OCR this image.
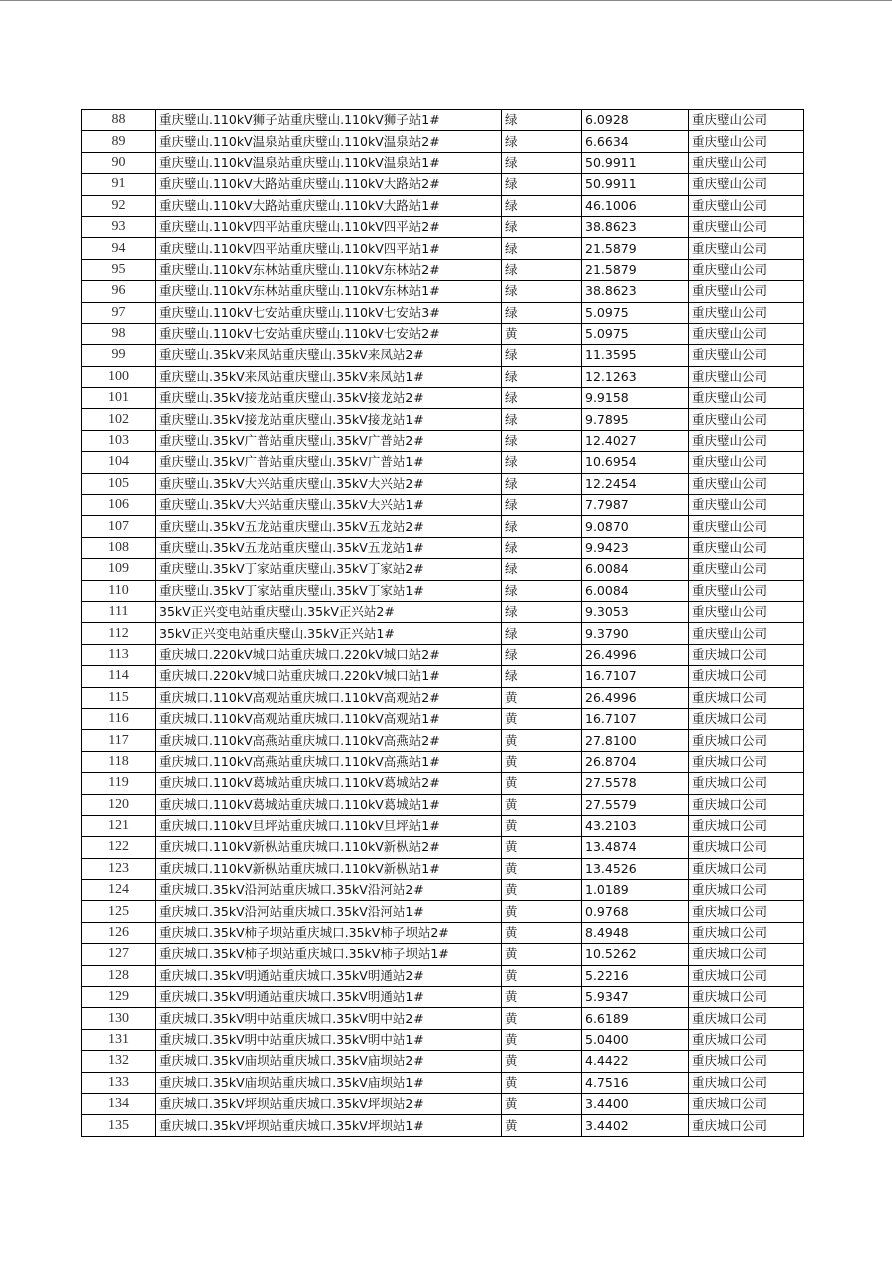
88	重庆璧山.110kV狮子站重庆璧山.110kV狮子站1#	绿	6.0928	重庆璧山公司
89	重庆璧山.110kV温泉站重庆璧山.110kV温泉站2#	绿	6.6634	重庆璧山公司
90	重庆璧山.110kV温泉站重庆璧山.110kV温泉站1#	绿	50.9911	重庆璧山公司
91	重庆璧山.110kV大路站重庆璧山.110kV大路站2#	绿	50.9911	重庆璧山公司
92	重庆璧山.110kV大路站重庆璧山.110kV大路站1#	绿	46.1006	重庆璧山公司
93	重庆璧山.110kV四平站重庆璧山.110kV四平站2#	绿	38.8623	重庆璧山公司
94	重庆璧山.110kV四平站重庆璧山.110kV四平站1#	绿	21.5879	重庆璧山公司
95	重庆璧山.110kV东林站重庆璧山.110kV东林站2#	绿	21.5879	重庆璧山公司
96	重庆璧山.110kV东林站重庆璧山.110kV东林站1#	绿	38.8623	重庆璧山公司
97	重庆璧山.110kV七安站重庆璧山.110kV七安站3#	绿	5.0975	重庆璧山公司
98	重庆璧山.110kV七安站重庆璧山.110kV七安站2#	黄	5.0975	重庆璧山公司
99	重庆璧山.35kV来凤站重庆璧山.35kV来凤站2#	绿	11.3595	重庆璧山公司
100	重庆璧山.35kV来凤站重庆璧山.35kV来凤站1#	绿	12.1263	重庆璧山公司
101	重庆璧山.35kV接龙站重庆璧山.35kV接龙站2#	绿	9.9158	重庆璧山公司
102	重庆璧山.35kV接龙站重庆璧山.35kV接龙站1#	绿	9.7895	重庆璧山公司
103	重庆璧山.35kV广普站重庆璧山.35kV广普站2#	绿	12.4027	重庆璧山公司
104	重庆璧山.35kV广普站重庆璧山.35kV广普站1#	绿	10.6954	重庆璧山公司
105	重庆璧山.35kV大兴站重庆璧山.35kV大兴站2#	绿	12.2454	重庆璧山公司
106	重庆璧山.35kV大兴站重庆璧山.35kV大兴站1#	绿	7.7987	重庆璧山公司
107	重庆璧山.35kV五龙站重庆璧山.35kV五龙站2#	绿	9.0870	重庆璧山公司
108	重庆璧山.35kV五龙站重庆璧山.35kV五龙站1#	绿	9.9423	重庆璧山公司
109	重庆璧山.35kV丁家站重庆璧山.35kV丁家站2#	绿	6.0084	重庆璧山公司
110	重庆璧山.35kV丁家站重庆璧山.35kV丁家站1#	绿	6.0084	重庆璧山公司
111	35kV正兴变电站重庆璧山.35kV正兴站2#	绿	9.3053	重庆璧山公司
112	35kV正兴变电站重庆璧山.35kV正兴站1#	绿	9.3790	重庆璧山公司
113	重庆城口.220kV城口站重庆城口.220kV城口站2#	绿	26.4996	重庆城口公司
114	重庆城口.220kV城口站重庆城口.220kV城口站1#	绿	16.7107	重庆城口公司
115	重庆城口.110kV高观站重庆城口.110kV高观站2#	黄	26.4996	重庆城口公司
116	重庆城口.110kV高观站重庆城口.110kV高观站1#	黄	16.7107	重庆城口公司
117	重庆城口.110kV高燕站重庆城口.110kV高燕站2#	黄	27.8100	重庆城口公司
118	重庆城口.110kV高燕站重庆城口.110kV高燕站1#	黄	26.8704	重庆城口公司
119	重庆城口.110kV葛城站重庆城口.110kV葛城站2#	黄	27.5578	重庆城口公司
120	重庆城口.110kV葛城站重庆城口.110kV葛城站1#	黄	27.5579	重庆城口公司
121	重庆城口.110kV旦坪站重庆城口.110kV旦坪站1#	黄	43.2103	重庆城口公司
122	重庆城口.110kV新枞站重庆城口.110kV新枞站2#	黄	13.4874	重庆城口公司
123	重庆城口.110kV新枞站重庆城口.110kV新枞站1#	黄	13.4526	重庆城口公司
124	重庆城口.35kV沿河站重庆城口.35kV沿河站2#	黄	1.0189	重庆城口公司
125	重庆城口.35kV沿河站重庆城口.35kV沿河站1#	黄	0.9768	重庆城口公司
126	重庆城口.35kV柿子坝站重庆城口.35kV柿子坝站2#	黄	8.4948	重庆城口公司
127	重庆城口.35kV柿子坝站重庆城口.35kV柿子坝站1#	黄	10.5262	重庆城口公司
128	重庆城口.35kV明通站重庆城口.35kV明通站2#	黄	5.2216	重庆城口公司
129	重庆城口.35kV明通站重庆城口.35kV明通站1#	黄	5.9347	重庆城口公司
130	重庆城口.35kV明中站重庆城口.35kV明中站2#	黄	6.6189	重庆城口公司
131	重庆城口.35kV明中站重庆城口.35kV明中站1#	黄	5.0400	重庆城口公司
132	重庆城口.35kV庙坝站重庆城口.35kV庙坝站2#	黄	4.4422	重庆城口公司
133	重庆城口.35kV庙坝站重庆城口.35kV庙坝站1#	黄	4.7516	重庆城口公司
134	重庆城口.35kV坪坝站重庆城口.35kV坪坝站2#	黄	3.4400	重庆城口公司
135	重庆城口.35kV坪坝站重庆城口.35kV坪坝站1#	黄	3.4402	重庆城口公司
